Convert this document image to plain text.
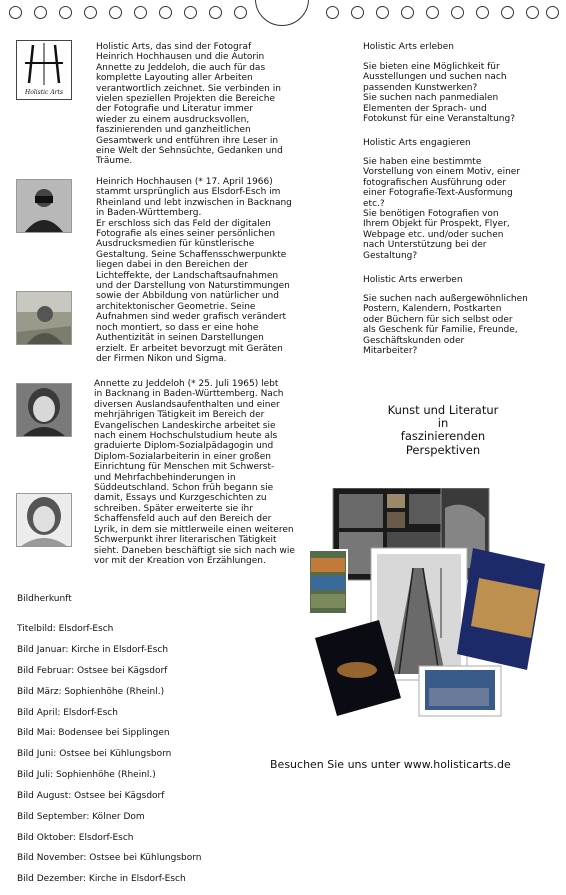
Holistic Arts
Holistic Arts, das sind der Fotograf
Heinrich Hochhausen und die Autorin
Annette zu Jeddeloh, die auch für das
komplette Layouting aller Arbeiten
verantwortlich zeichnet. Sie verbinden in
vielen speziellen Projekten die Bereiche
der Fotografie und Literatur immer
wieder zu einem ausdrucksvollen,
faszinierenden und ganzheitlichen
Gesamtwerk und entführen ihre Leser in
eine Welt der Sehnsüchte, Gedanken und
Träume.
Heinrich Hochhausen (* 17. April 1966)
stammt ursprünglich aus Elsdorf-Esch im
Rheinland und lebt inzwischen in Backnang
in Baden-Württemberg.
Er erschloss sich das Feld der digitalen
Fotografie als eines seiner persönlichen
Ausdrucksmedien für künstlerische
Gestaltung. Seine Schaffensschwerpunkte
liegen dabei in den Bereichen der
Lichteffekte, der Landschaftsaufnahmen
und der Darstellung von Naturstimmungen
sowie der Abbildung von natürlicher und
architektonischer Geometrie. Seine
Aufnahmen sind weder grafisch verändert
noch montiert, so dass er eine hohe
Authentizität in seinen Darstellungen
erzielt. Er arbeitet bevorzugt mit Geräten
der Firmen Nikon und Sigma.
Annette zu Jeddeloh (* 25. Juli 1965) lebt
in Backnang in Baden-Württemberg. Nach
diversen Auslandsaufenthalten und einer
mehrjährigen Tätigkeit im Bereich der
Evangelischen Landeskirche arbeitet sie
nach einem Hochschulstudium heute als
graduierte Diplom-Sozialpädagogin und
Diplom-Sozialarbeiterin in einer großen
Einrichtung für Menschen mit Schwerst-
und Mehrfachbehinderungen in
Süddeutschland. Schon früh begann sie
damit, Essays und Kurzgeschichten zu
schreiben. Später erweiterte sie ihr
Schaffensfeld auch auf den Bereich der
Lyrik, in dem sie mittlerweile einen weiteren
Schwerpunkt ihrer literarischen Tätigkeit
sieht. Daneben beschäftigt sie sich nach wie
vor mit der Kreation von Erzählungen.
Holistic Arts erleben
Sie bieten eine Möglichkeit für
Ausstellungen und suchen nach
passenden Kunstwerken?
Sie suchen nach panmedialen
Elementen der Sprach- und
Fotokunst für eine Veranstaltung?
Holistic Arts engagieren
Sie haben eine bestimmte
Vorstellung von einem Motiv, einer
fotografischen Ausführung oder
einer Fotografie-Text-Ausformung
etc.?
Sie benötigen Fotografien von
Ihrem Objekt für Prospekt, Flyer,
Webpage etc. und/oder suchen
nach Unterstützung bei der
Gestaltung?
Holistic Arts erwerben
Sie suchen nach außergewöhnlichen
Postern, Kalendern, Postkarten
oder Büchern für sich selbst oder
als Geschenk für Familie, Freunde,
Geschäftskunden oder
Mitarbeiter?
Kunst und Literatur
in
faszinierenden
Perspektiven
Bildherkunft

Titelbild: Elsdorf-Esch

Bild Januar: Kirche in Elsdorf-Esch

Bild Februar: Ostsee bei Kägsdorf

Bild März: Sophienhöhe (Rheinl.)

Bild April: Elsdorf-Esch

Bild Mai: Bodensee bei Sipplingen

Bild Juni: Ostsee bei Kühlungsborn

Bild Juli: Sophienhöhe (Rheinl.)

Bild August: Ostsee bei Kägsdorf

Bild September: Kölner Dom

Bild Oktober: Elsdorf-Esch

Bild November: Ostsee bei Kühlungsborn

Bild Dezember: Kirche in Elsdorf-Esch

Besuchen Sie uns unter www.holisticarts.de
